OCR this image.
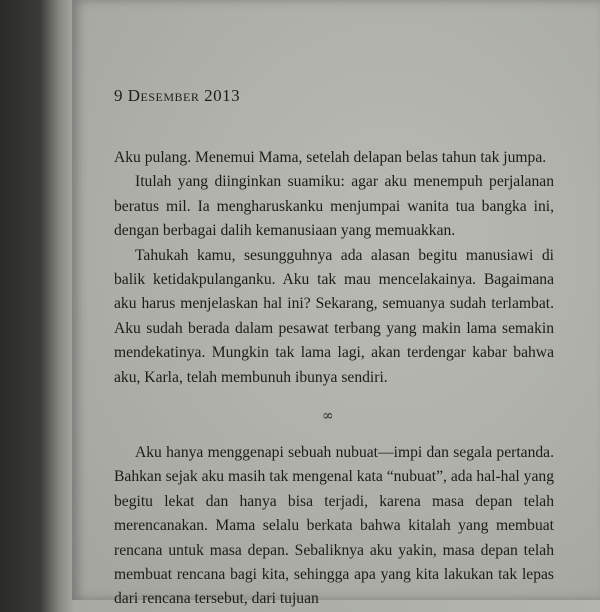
9 Desember 2013

Aku pulang. Menemui Mama, setelah delapan belas tahun tak jumpa.

Itulah yang diinginkan suamiku: agar aku menempuh perjalanan beratus mil. Ia mengharuskanku menjumpai wanita tua bangka ini, dengan berbagai dalih kemanusiaan yang memuakkan.

Tahukah kamu, sesungguhnya ada alasan begitu manusiawi di balik ketidakpulanganku. Aku tak mau mencelakainya. Bagaimana aku harus menjelaskan hal ini? Sekarang, semuanya sudah terlambat. Aku sudah berada dalam pesawat terbang yang makin lama semakin mendekatinya. Mungkin tak lama lagi, akan terdengar kabar bahwa aku, Karla, telah membunuh ibunya sendiri.

∞

Aku hanya menggenapi sebuah nubuat—impi dan segala pertanda. Bahkan sejak aku masih tak mengenal kata “nubuat”, ada hal-hal yang begitu lekat dan hanya bisa terjadi, karena masa depan telah merencanakan. Mama selalu berkata bahwa kitalah yang membuat rencana untuk masa depan. Sebaliknya aku yakin, masa depan telah membuat rencana bagi kita, sehingga apa yang kita lakukan tak lepas dari rencana tersebut, dari tujuan
